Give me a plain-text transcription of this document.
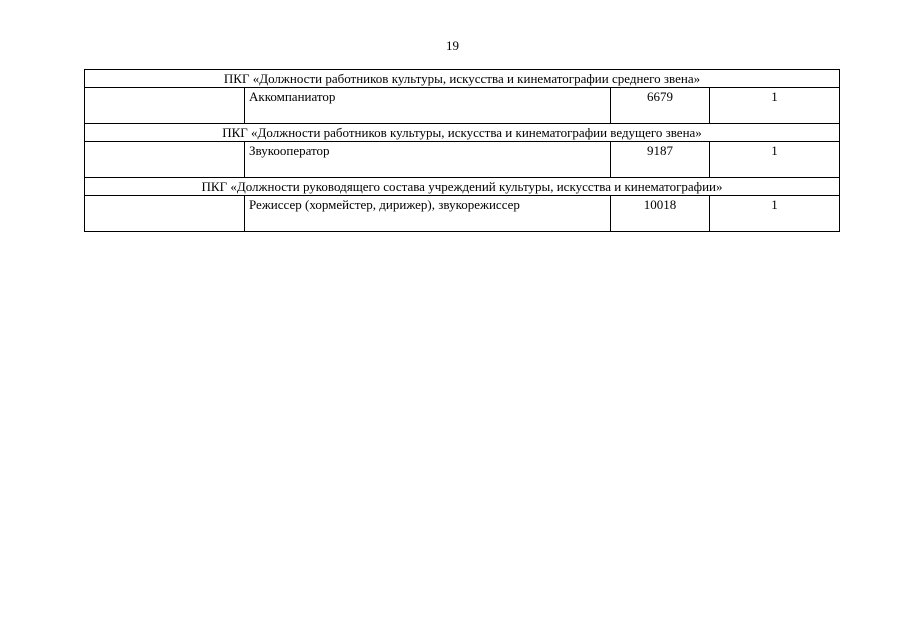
19
ПКГ «Должности работников культуры, искусства и кинематографии среднего звена»			
	Аккомпаниатор	6679	1
ПКГ «Должности работников культуры, искусства и кинематографии ведущего звена»			
	Звукооператор	9187	1
ПКГ «Должности руководящего состава учреждений культуры, искусства и кинематографии»			
	Режиссер (хормейстер, дирижер), звукорежиссер	10018	1
